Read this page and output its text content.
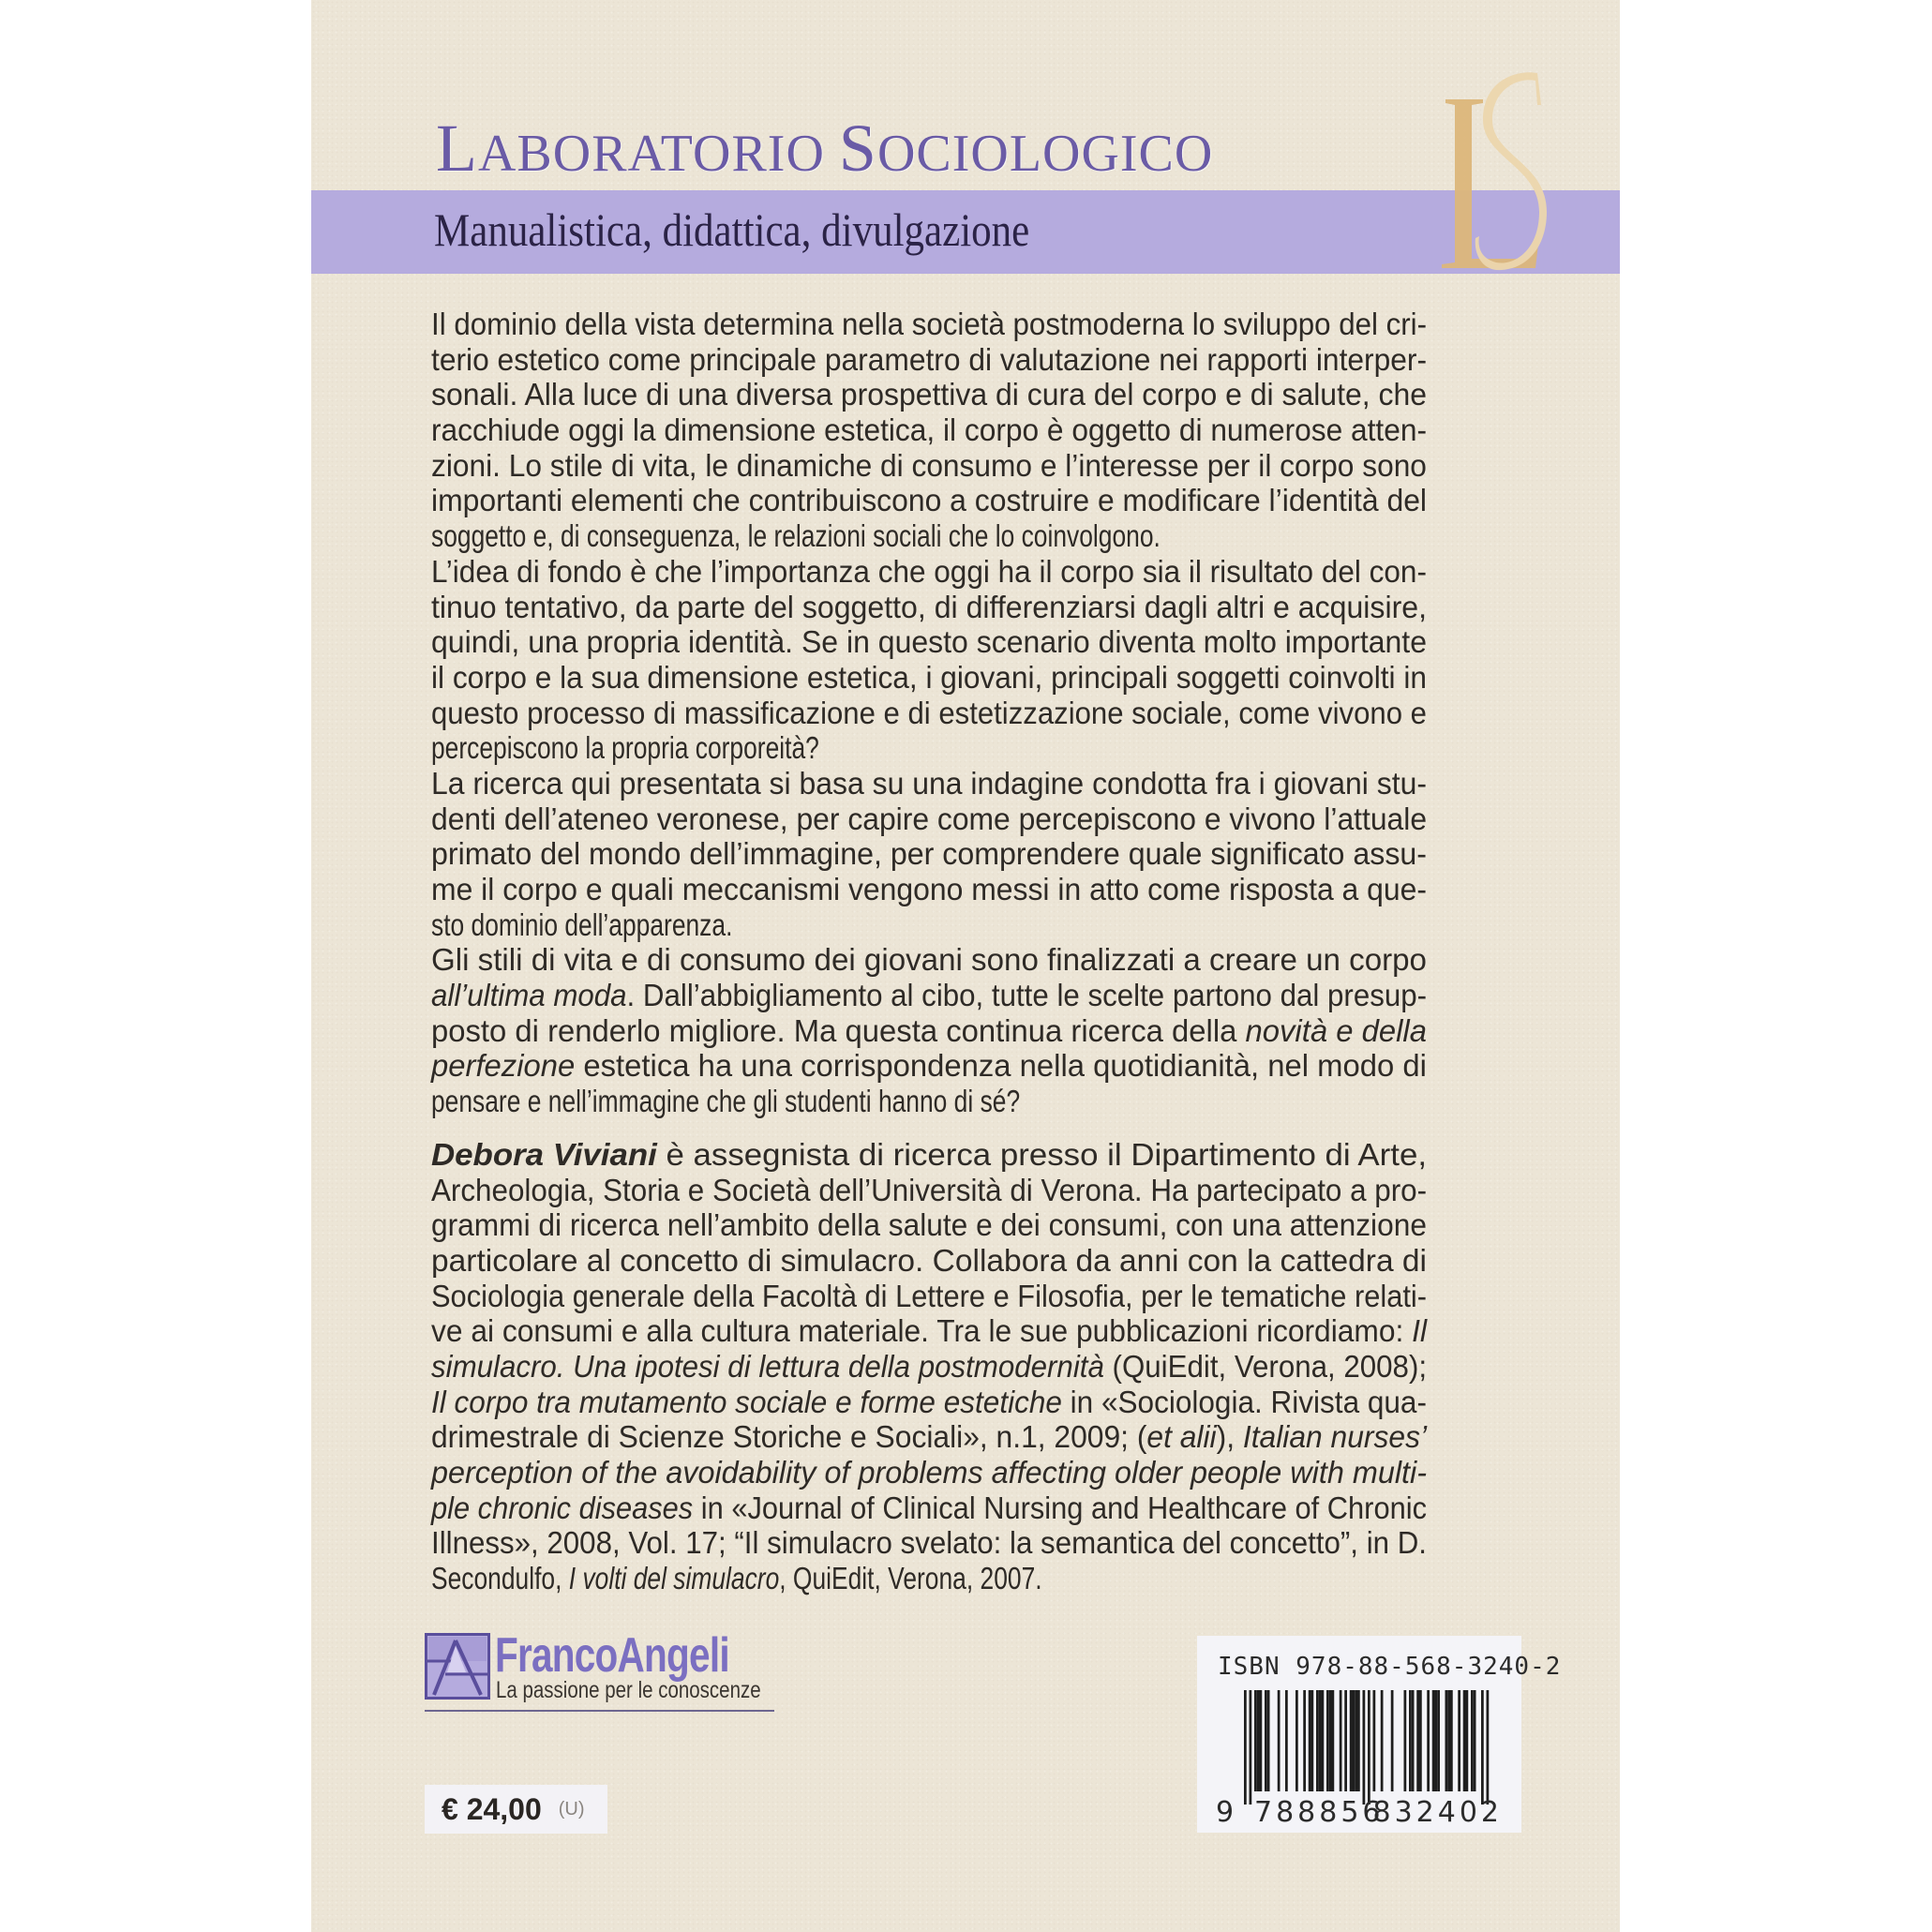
LABORATORIO SOCIOLOGICO
Manualistica, didattica, divulgazione
Il dominio della vista determina nella società postmoderna lo sviluppo del cri-
terio estetico come principale parametro di valutazione nei rapporti interper-
sonali. Alla luce di una diversa prospettiva di cura del corpo e di salute, che
racchiude oggi la dimensione estetica, il corpo è oggetto di numerose atten-
zioni. Lo stile di vita, le dinamiche di consumo e l’interesse per il corpo sono
importanti elementi che contribuiscono a costruire e modificare l’identità del
soggetto e, di conseguenza, le relazioni sociali che lo coinvolgono.
L’idea di fondo è che l’importanza che oggi ha il corpo sia il risultato del con-
tinuo tentativo, da parte del soggetto, di differenziarsi dagli altri e acquisire,
quindi, una propria identità. Se in questo scenario diventa molto importante
il corpo e la sua dimensione estetica, i giovani, principali soggetti coinvolti in
questo processo di massificazione e di estetizzazione sociale, come vivono e
percepiscono la propria corporeità?
La ricerca qui presentata si basa su una indagine condotta fra i giovani stu-
denti dell’ateneo veronese, per capire come percepiscono e vivono l’attuale
primato del mondo dell’immagine, per comprendere quale significato assu-
me il corpo e quali meccanismi vengono messi in atto come risposta a que-
sto dominio dell’apparenza.
Gli stili di vita e di consumo dei giovani sono finalizzati a creare un corpo
all’ultima moda. Dall’abbigliamento al cibo, tutte le scelte partono dal presup-
posto di renderlo migliore. Ma questa continua ricerca della novità e della
perfezione estetica ha una corrispondenza nella quotidianità, nel modo di
pensare e nell’immagine che gli studenti hanno di sé?
Debora Viviani è assegnista di ricerca presso il Dipartimento di Arte,
Archeologia, Storia e Società dell’Università di Verona. Ha partecipato a pro-
grammi di ricerca nell’ambito della salute e dei consumi, con una attenzione
particolare al concetto di simulacro. Collabora da anni con la cattedra di
Sociologia generale della Facoltà di Lettere e Filosofia, per le tematiche relati-
ve ai consumi e alla cultura materiale. Tra le sue pubblicazioni ricordiamo: Il
simulacro. Una ipotesi di lettura della postmodernità (QuiEdit, Verona, 2008);
Il corpo tra mutamento sociale e forme estetiche in «Sociologia. Rivista qua-
drimestrale di Scienze Storiche e Sociali», n.1, 2009; (et alii), Italian nurses’
perception of the avoidability of problems affecting older people with multi-
ple chronic diseases in «Journal of Clinical Nursing and Healthcare of Chronic
Illness», 2008, Vol. 17; “Il simulacro svelato: la semantica del concetto”, in D.
Secondulfo, I volti del simulacro, QuiEdit, Verona, 2007.
FrancoAngeli
La passione per le conoscenze
€ 24,00 (U)
ISBN 978-88-568-3240-2
9 788856
832402
